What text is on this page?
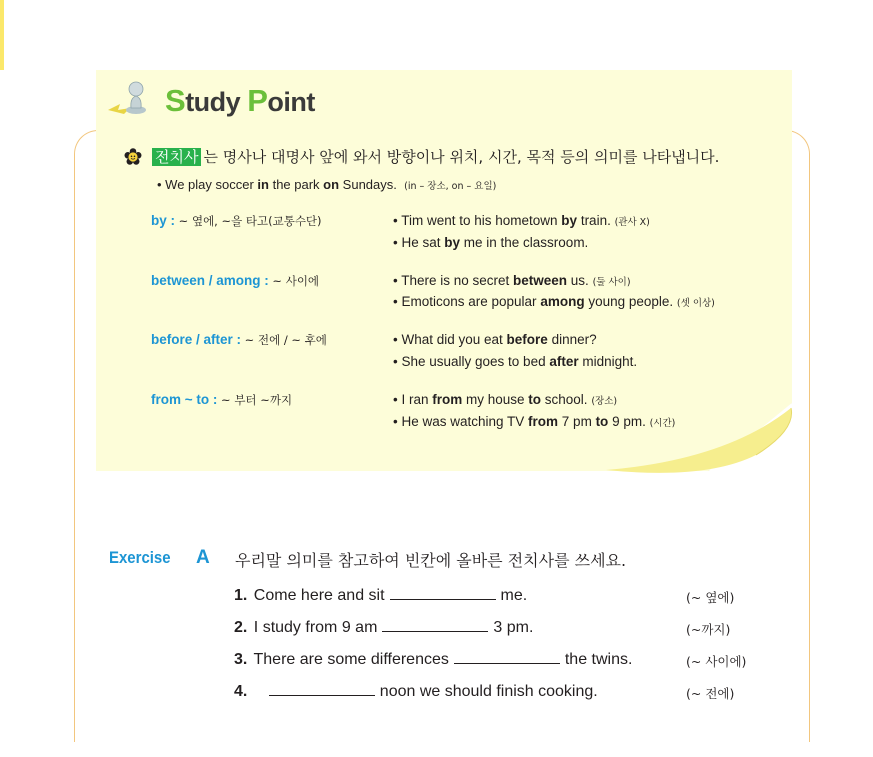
Study Point
전치사 는 명사나 대명사 앞에 와서 방향이나 위치, 시간, 목적 등의 의미를 나타냅니다.
• We play soccer in the park on Sundays. (in – 장소, on – 요일)
by : ~ 옆에, ~을 타고(교통수단)	• Tim went to his hometown by train. (관사 X)
• He sat by me in the classroom.
between / among : ~ 사이에	• There is no secret between us. (둘 사이)
• Emoticons are popular among young people. (셋 이상)
before / after : ~ 전에 / ~ 후에	• What did you eat before dinner?
• She usually goes to bed after midnight.
from ~ to : ~ 부터 ~까지	• I ran from my house to school. (장소)
• He was watching TV from 7 pm to 9 pm. (시간)
Exercise A 우리말 의미를 참고하여 빈칸에 올바른 전치사를 쓰세요.
1. Come here and sit	me.	(~ 옆에)
2. I study from 9 am	3 pm.	(~까지)
3. There are some differences	the twins.	(~ 사이에)
4.	noon we should finish cooking.	(~ 전에)
